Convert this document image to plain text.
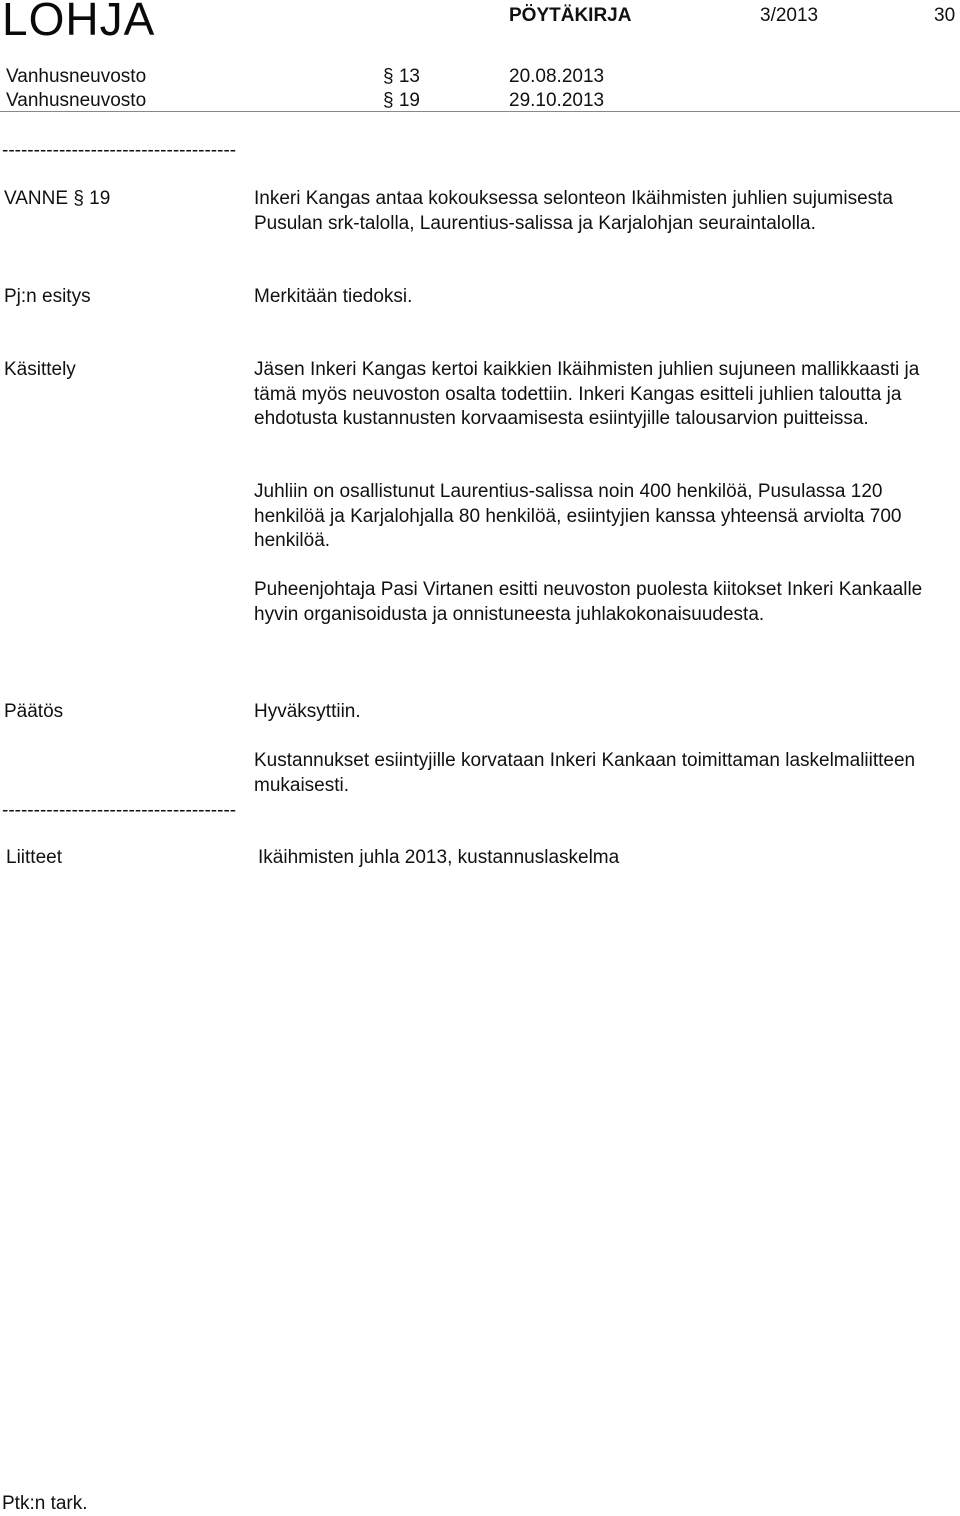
LOHJA	PÖYTÄKIRJA	3/2013	30
Vanhusneuvosto	§ 13	20.08.2013
Vanhusneuvosto	§ 19	29.10.2013
-------------------------------------
VANNE § 19	Inkeri Kangas antaa kokouksessa selonteon Ikäihmisten juhlien sujumisesta Pusulan srk-talolla, Laurentius-salissa ja Karjalohjan seuraintalolla.
Pj:n esitys	Merkitään tiedoksi.
Käsittely	Jäsen Inkeri Kangas kertoi kaikkien Ikäihmisten juhlien sujuneen mallikkaasti ja tämä myös neuvoston osalta todettiin. Inkeri Kangas esitteli juhlien taloutta ja ehdotusta kustannusten korvaamisesta esiintyjille talousarvion puitteissa.
Juhliin on osallistunut Laurentius-salissa noin 400 henkilöä, Pusulassa 120 henkilöä ja Karjalohjalla 80 henkilöä, esiintyjien kanssa yhteensä arviolta 700 henkilöä.
Puheenjohtaja Pasi Virtanen esitti neuvoston puolesta kiitokset Inkeri Kankaalle hyvin organisoidusta ja onnistuneesta juhlakokonaisuudesta.
Päätös	Hyväksyttiin.
Kustannukset esiintyjille korvataan Inkeri Kankaan toimittaman laskelmaliitteen mukaisesti.
-------------------------------------
Liitteet	Ikäihmisten juhla 2013, kustannuslaskelma
Ptk:n tark.
